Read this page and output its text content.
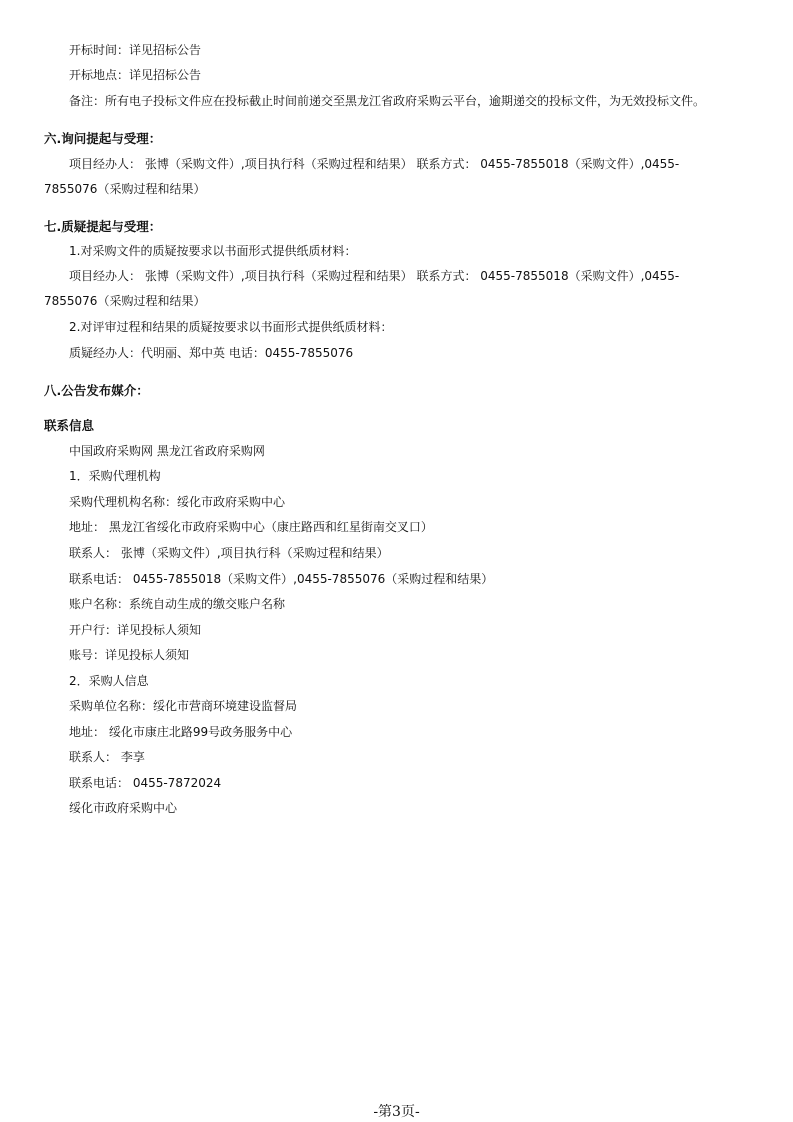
开标时间：详见招标公告
开标地点：详见招标公告
备注：所有电子投标文件应在投标截止时间前递交至黑龙江省政府采购云平台，逾期递交的投标文件，为无效投标文件。
六.询问提起与受理：
项目经办人： 张博（采购文件）,项目执行科（采购过程和结果） 联系方式： 0455-7855018（采购文件）,0455-
7855076（采购过程和结果）
七.质疑提起与受理：
1.对采购文件的质疑按要求以书面形式提供纸质材料：
项目经办人： 张博（采购文件）,项目执行科（采购过程和结果） 联系方式： 0455-7855018（采购文件）,0455-
7855076（采购过程和结果）
2.对评审过程和结果的质疑按要求以书面形式提供纸质材料：
质疑经办人：代明丽、郑中英 电话：0455-7855076
八.公告发布媒介：
联系信息
中国政府采购网 黑龙江省政府采购网
1．采购代理机构
采购代理机构名称：绥化市政府采购中心
地址： 黑龙江省绥化市政府采购中心（康庄路西和红星街南交叉口）
联系人： 张博（采购文件）,项目执行科（采购过程和结果）
联系电话： 0455-7855018（采购文件）,0455-7855076（采购过程和结果）
账户名称：系统自动生成的缴交账户名称
开户行：详见投标人须知
账号：详见投标人须知
2．采购人信息
采购单位名称：绥化市营商环境建设监督局
地址： 绥化市康庄北路99号政务服务中心
联系人： 李享
联系电话： 0455-7872024
绥化市政府采购中心
-第3页-
